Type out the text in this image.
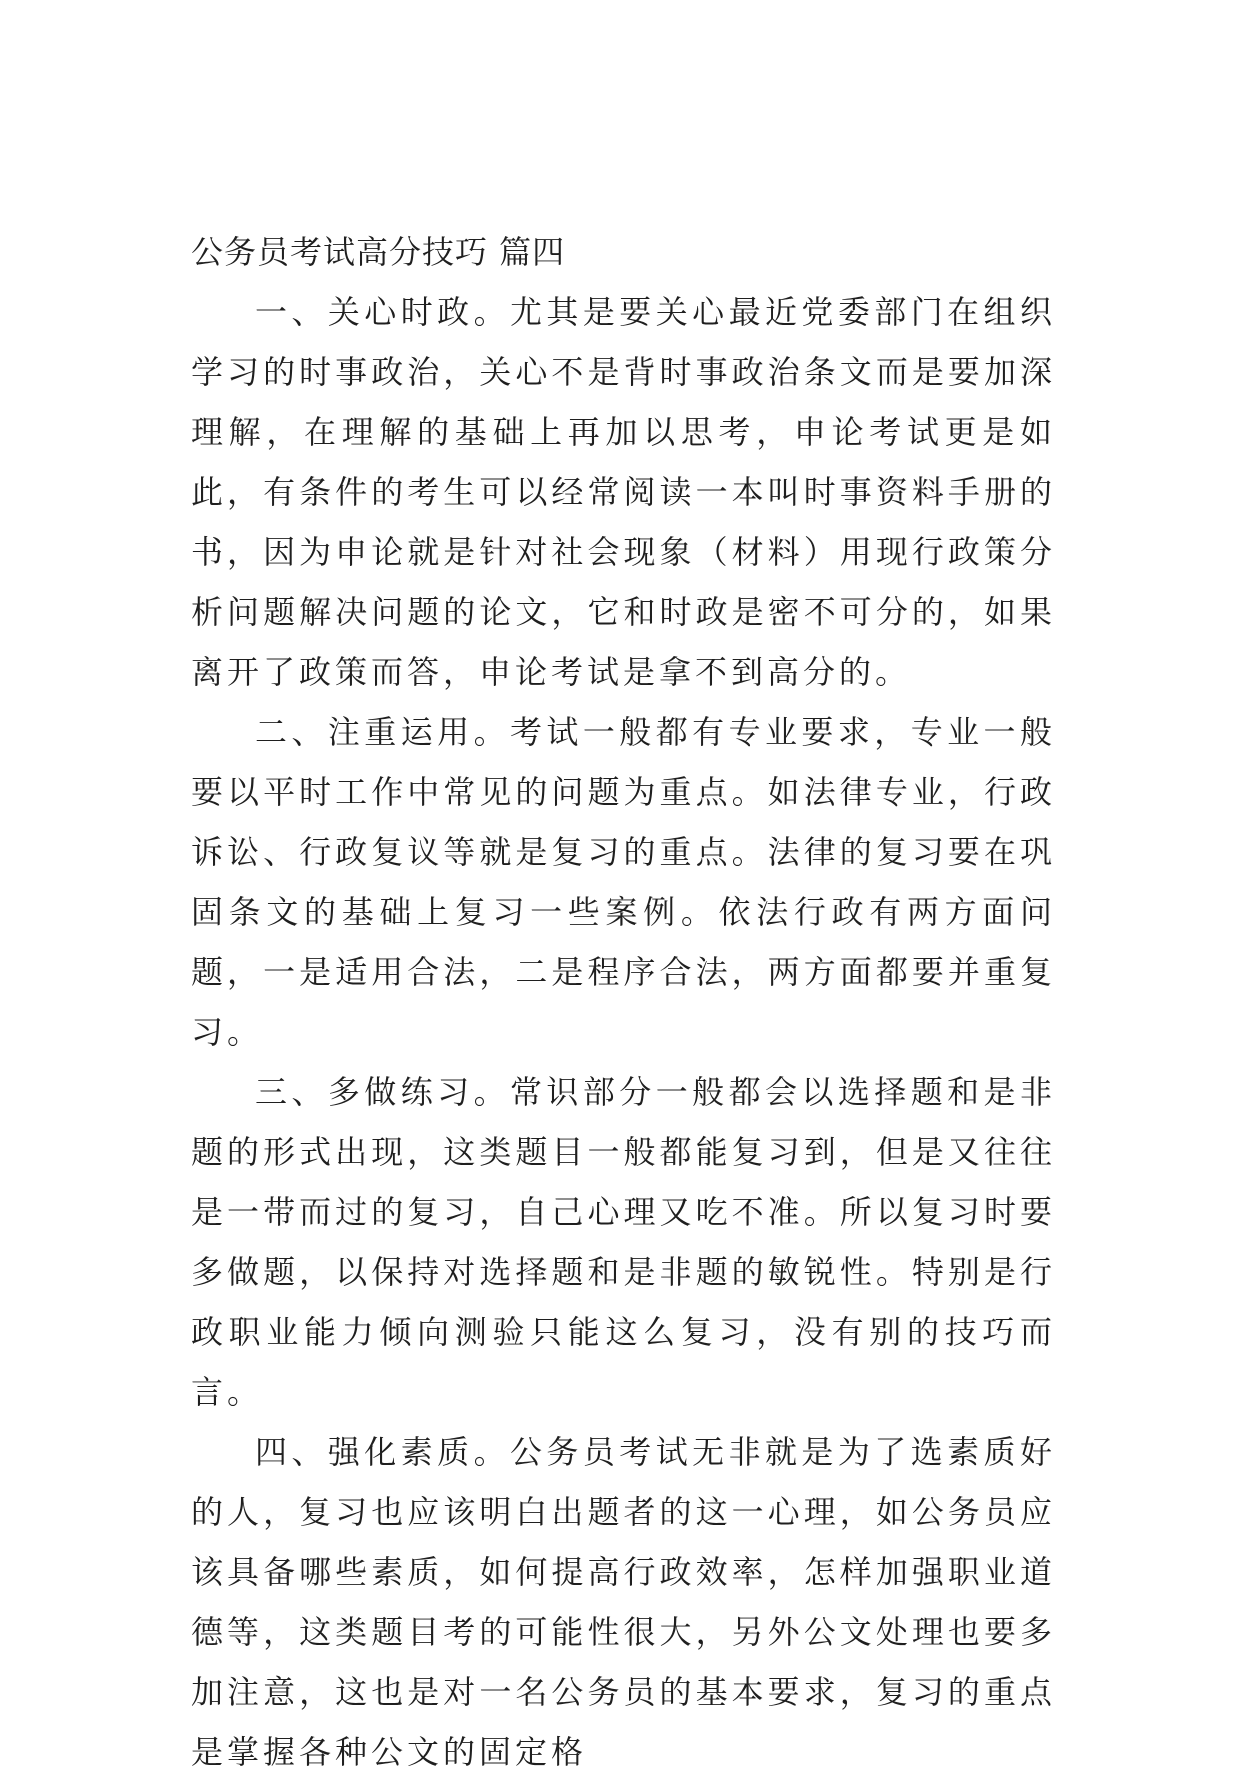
公务员考试高分技巧 篇四

一、关心时政。尤其是要关心最近党委部门在组织学习的时事政治，关心不是背时事政治条文而是要加深理解，在理解的基础上再加以思考，申论考试更是如此，有条件的考生可以经常阅读一本叫时事资料手册的书，因为申论就是针对社会现象（材料）用现行政策分析问题解决问题的论文，它和时政是密不可分的，如果离开了政策而答，申论考试是拿不到高分的。

二、注重运用。考试一般都有专业要求，专业一般要以平时工作中常见的问题为重点。如法律专业，行政诉讼、行政复议等就是复习的重点。法律的复习要在巩固条文的基础上复习一些案例。依法行政有两方面问题，一是适用合法，二是程序合法，两方面都要并重复习。

三、多做练习。常识部分一般都会以选择题和是非题的形式出现，这类题目一般都能复习到，但是又往往是一带而过的复习，自己心理又吃不准。所以复习时要多做题，以保持对选择题和是非题的敏锐性。特别是行政职业能力倾向测验只能这么复习，没有别的技巧而言。

四、强化素质。公务员考试无非就是为了选素质好的人，复习也应该明白出题者的这一心理，如公务员应该具备哪些素质，如何提高行政效率，怎样加强职业道德等，这类题目考的可能性很大，另外公文处理也要多加注意，这也是对一名公务员的基本要求，复习的重点是掌握各种公文的固定格
